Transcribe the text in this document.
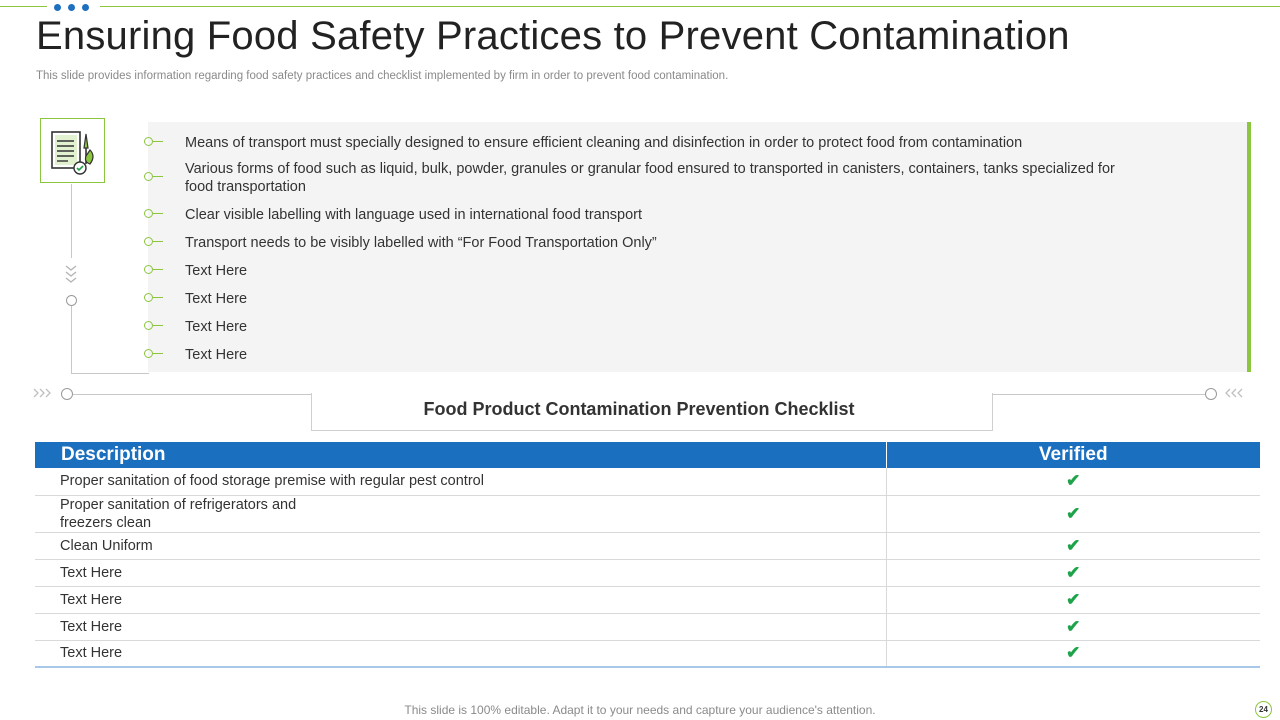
Ensuring Food Safety Practices to Prevent Contamination

This slide provides information regarding food safety practices and checklist implemented by firm in order to prevent food contamination.

Means of transport must specially designed to ensure efficient cleaning and disinfection in order to protect food from contamination
Various forms of food such as liquid, bulk, powder, granules or granular food ensured to transported in canisters, containers, tanks specialized for food transportation
Clear visible labelling with language used in international food transport
Transport needs to be visibly labelled with “For Food Transportation Only”
Text Here
Text Here
Text Here
Text Here
Food Product Contamination Prevention Checklist
Description	Verified
Proper sanitation of food storage premise with regular pest control	✔

Proper sanitation of refrigerators and freezers clean	✔
Clean Uniform	✔
Text Here	✔
Text Here	✔
Text Here	✔
Text Here	✔
This slide is 100% editable. Adapt it to your needs and capture your audience's attention.	24
